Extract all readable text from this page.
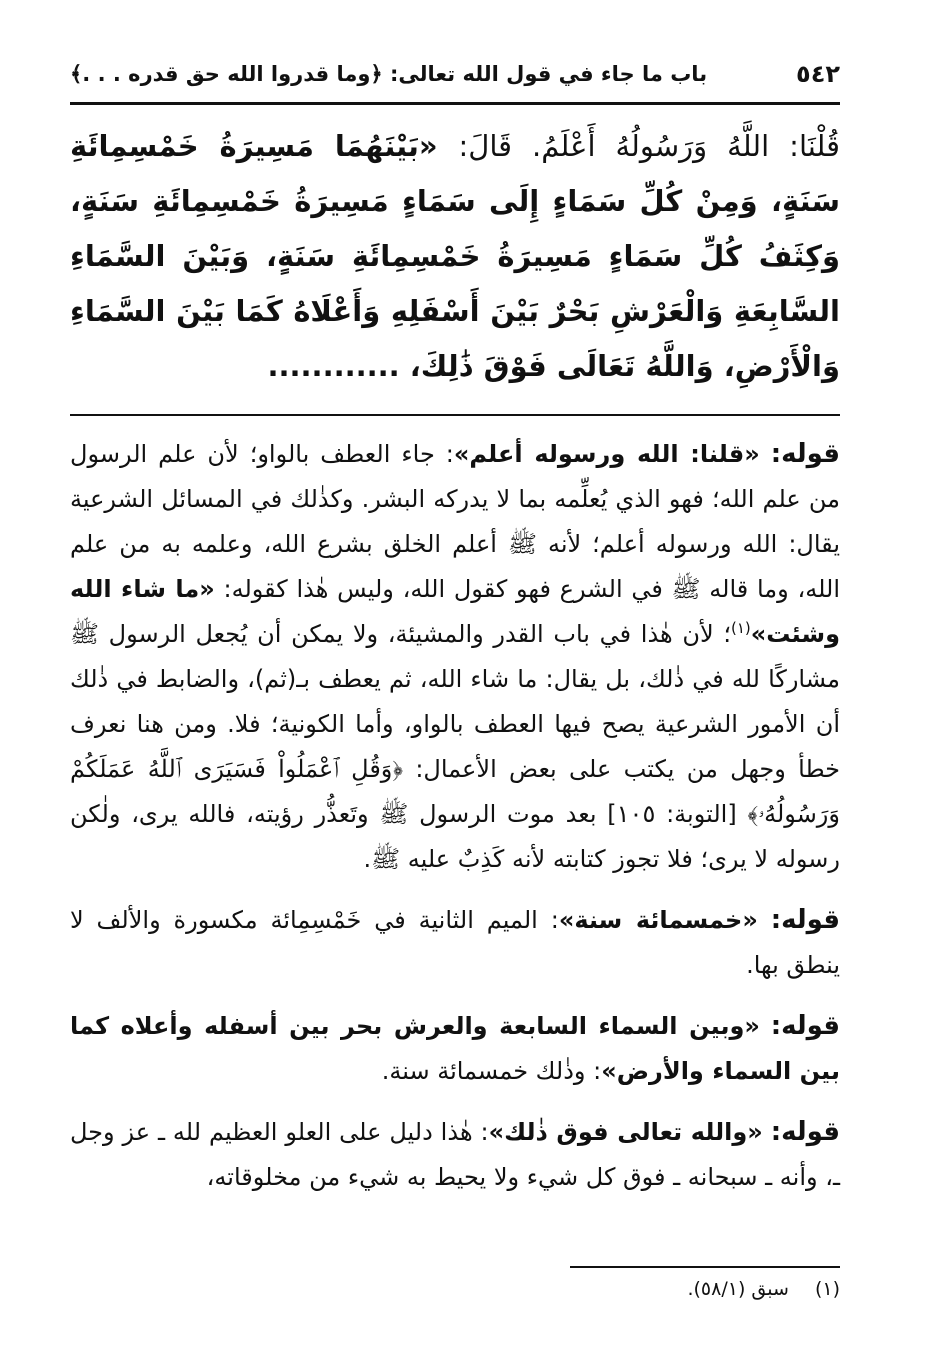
٥٤٢
باب ما جاء في قول الله تعالى: ﴿وما قدروا الله حق قدره . . .﴾
قُلْنَا: اللَّهُ وَرَسُولُهُ أَعْلَمُ. قَالَ: «بَيْنَهُمَا مَسِيرَةُ خَمْسِمِائَةِ سَنَةٍ، وَمِنْ كُلِّ سَمَاءٍ إِلَى سَمَاءٍ مَسِيرَةُ خَمْسِمِائَةِ سَنَةٍ، وَكِثَفُ كُلِّ سَمَاءٍ مَسِيرَةُ خَمْسِمِائَةِ سَنَةٍ، وَبَيْنَ السَّمَاءِ السَّابِعَةِ وَالْعَرْشِ بَحْرٌ بَيْنَ أَسْفَلِهِ وَأَعْلَاهُ كَمَا بَيْنَ السَّمَاءِ وَالْأَرْضِ، وَاللَّهُ تَعَالَى فَوْقَ ذَٰلِكَ، ............

قوله: «قلنا: الله ورسوله أعلم»: جاء العطف بالواو؛ لأن علم الرسول من علم الله؛ فهو الذي يُعلِّمه بما لا يدركه البشر. وكذٰلك في المسائل الشرعية يقال: الله ورسوله أعلم؛ لأنه ﷺ أعلم الخلق بشرع الله، وعلمه به من علم الله، وما قاله ﷺ في الشرع فهو كقول الله، وليس هٰذا كقوله: «ما شاء الله وشئت»$^{(١)}$؛ لأن هٰذا في باب القدر والمشيئة، ولا يمكن أن يُجعل الرسول ﷺ مشاركًا لله في ذٰلك، بل يقال: ما شاء الله، ثم يعطف بـ(ثم)، والضابط في ذٰلك أن الأمور الشرعية يصح فيها العطف بالواو، وأما الكونية؛ فلا. ومن هنا نعرف خطأ وجهل من يكتب على بعض الأعمال: ﴿وَقُلِ ٱعْمَلُواْ فَسَيَرَى ٱللَّهُ عَمَلَكُمْ وَرَسُولُهُۥ﴾ [التوبة: ١٠٥] بعد موت الرسول ﷺ وتَعذُّر رؤيته، فالله يرى، ولٰكن رسوله لا يرى؛ فلا تجوز كتابته لأنه كَذِبٌ عليه ﷺ.

قوله: «خمسمائة سنة»: الميم الثانية في خَمْسِمِائة مكسورة والألف لا ينطق بها.

قوله: «وبين السماء السابعة والعرش بحر بين أسفله وأعلاه كما بين السماء والأرض»: وذٰلك خمسمائة سنة.

قوله: «والله تعالى فوق ذٰلك»: هٰذا دليل على العلو العظيم لله ـ عز وجل ـ، وأنه ـ سبحانه ـ فوق كل شيء ولا يحيط به شيء من مخلوقاته،

(١) سبق (٥٨/١).
